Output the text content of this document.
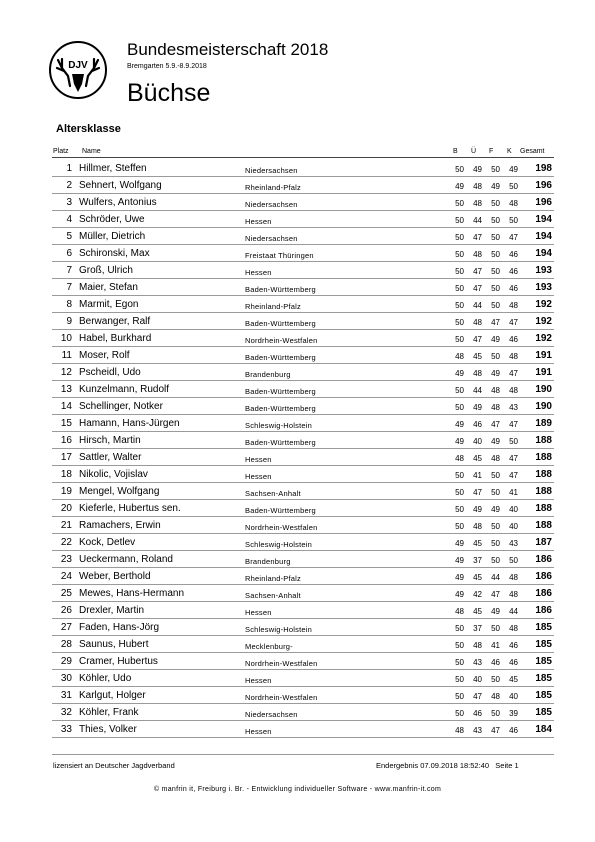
DJV
Bundesmeisterschaft 2018
Bremgarten 5.9.-8.9.2018
Büchse
Altersklasse
Platz Name	B Ü F K Gesamt
1 Hillmer, Steffen	Niedersachsen	50	49	50	49	198
2 Sehnert, Wolfgang	Rheinland-Pfalz	49	48	49	50	196
3 Wulfers, Antonius	Niedersachsen	50	48	50	48	196
4 Schröder, Uwe	Hessen	50	44	50	50	194
5 Müller, Dietrich	Niedersachsen	50	47	50	47	194
6 Schironski, Max	Freistaat Thüringen	50	48	50	46	194
7 Groß, Ulrich	Hessen	50	47	50	46	193
7 Maier, Stefan	Baden-Württemberg	50	47	50	46	193
8 Marmit, Egon	Rheinland-Pfalz	50	44	50	48	192
9 Berwanger, Ralf	Baden-Württemberg	50	48	47	47	192
10 Habel, Burkhard	Nordrhein-Westfalen	50	47	49	46	192
11 Moser, Rolf	Baden-Württemberg	48	45	50	48	191
12 Pscheidl, Udo	Brandenburg	49	48	49	47	191
13 Kunzelmann, Rudolf	Baden-Württemberg	50	44	48	48	190
14 Schellinger, Notker	Baden-Württemberg	50	49	48	43	190
15 Hamann, Hans-Jürgen	Schleswig-Holstein	49	46	47	47	189
16 Hirsch, Martin	Baden-Württemberg	49	40	49	50	188
17 Sattler, Walter	Hessen	48	45	48	47	188
18 Nikolic, Vojislav	Hessen	50	41	50	47	188
19 Mengel, Wolfgang	Sachsen-Anhalt	50	47	50	41	188
20 Kieferle, Hubertus sen.	Baden-Württemberg	50	49	49	40	188
21 Ramachers, Erwin	Nordrhein-Westfalen	50	48	50	40	188
22 Kock, Detlev	Schleswig-Holstein	49	45	50	43	187
23 Ueckermann, Roland	Brandenburg	49	37	50	50	186
24 Weber, Berthold	Rheinland-Pfalz	49	45	44	48	186
25 Mewes, Hans-Hermann	Sachsen-Anhalt	49	42	47	48	186
26 Drexler, Martin	Hessen	48	45	49	44	186
27 Faden, Hans-Jörg	Schleswig-Holstein	50	37	50	48	185
28 Saunus, Hubert	Mecklenburg-	50	48	41	46	185
29 Cramer, Hubertus	Nordrhein-Westfalen	50	43	46	46	185
30 Köhler, Udo	Hessen	50	40	50	45	185
31 Karlgut, Holger	Nordrhein-Westfalen	50	47	48	40	185
32 Köhler, Frank	Niedersachsen	50	46	50	39	185
33 Thies, Volker	Hessen	48	43	47	46	184
lizensiert an Deutscher Jagdverband	Endergebnis 07.09.2018 18:52:40   Seite 1
© manfrin it, Freiburg i. Br. - Entwicklung individueller Software - www.manfrin-it.com
